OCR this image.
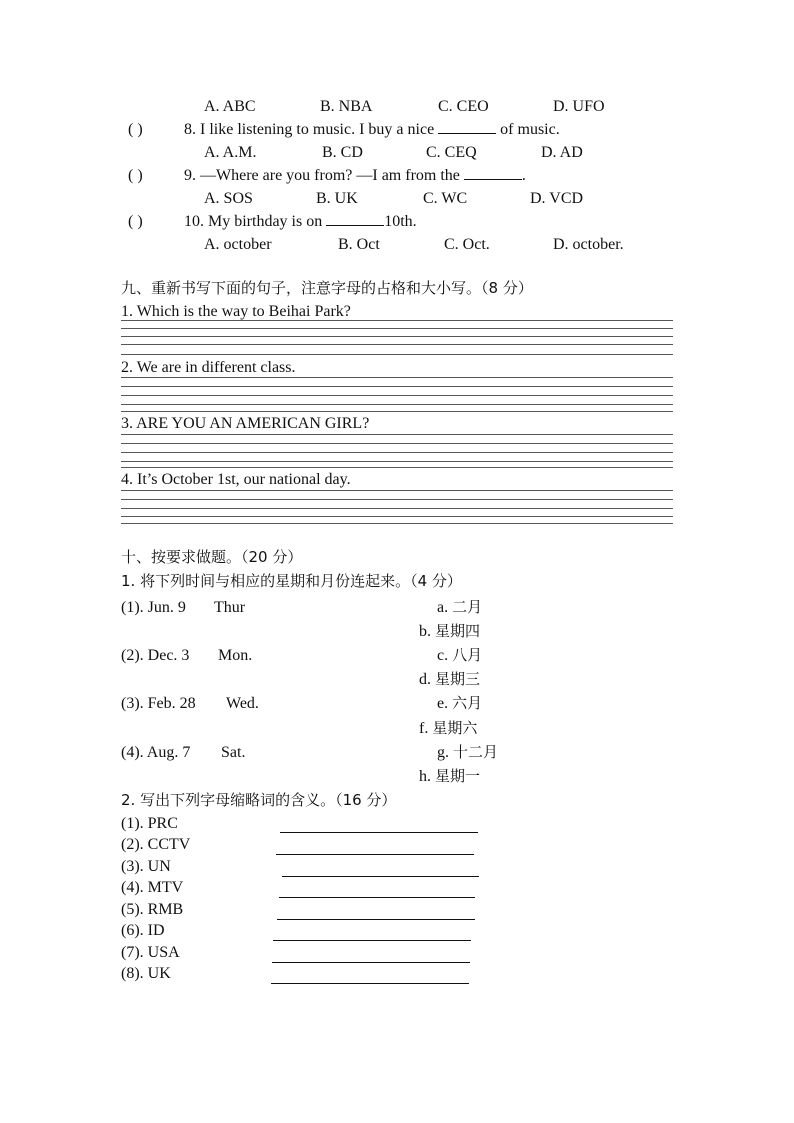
A. ABC	B. NBA	C. CEO	D. UFO
( )	8. I like listening to music. I buy a nice	of music.
A. A.M.	B. CD	C. CEQ	D. AD
( )	9. —Where are you from? —I am from the	.
A. SOS	B. UK	C. WC	D. VCD
( )	10. My birthday is on	10th.
A. october	B. Oct	C. Oct.	D. october.
九、重新书写下面的句子，注意字母的占格和大小写。（8 分）
1. Which is the way to Beihai Park?
2. We are in different class.
3. ARE YOU AN AMERICAN GIRL?
4. It’s October 1st, our national day.
十、按要求做题。（20 分）
1. 将下列时间与相应的星期和月份连起来。（4 分）
(1). Jun. 9 Thur
(2). Dec. 3 Mon.
(3). Feb. 28 Wed.
(4). Aug. 7 Sat.
a. 二月
b. 星期四
c. 八月
d. 星期三
e. 六月
f. 星期六
g. 十二月
h. 星期一
2. 写出下列字母缩略词的含义。（16 分）
(1). PRC
(2). CCTV
(3). UN
(4). MTV
(5). RMB
(6). ID
(7). USA
(8). UK
